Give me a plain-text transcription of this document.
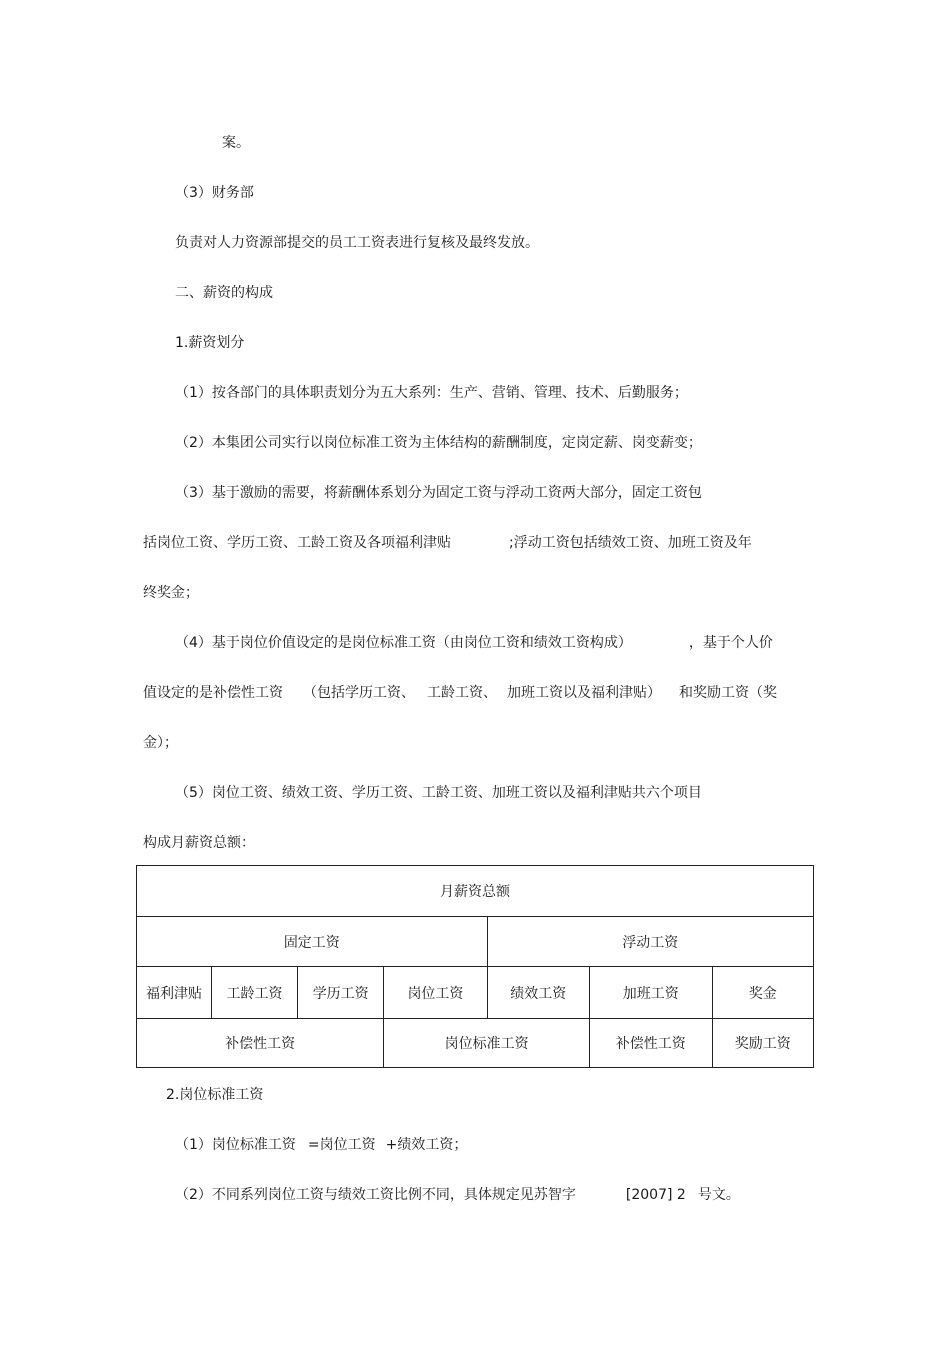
案。
（3）财务部
负责对人力资源部提交的员工工资表进行复核及最终发放。
二、薪资的构成
1.薪资划分
（1）按各部门的具体职责划分为五大系列：生产、营销、管理、技术、后勤服务；
（2）本集团公司实行以岗位标准工资为主体结构的薪酬制度，定岗定薪、岗变薪变；
（3）基于激励的需要，将薪酬体系划分为固定工资与浮动工资两大部分，固定工资包
括岗位工资、学历工资、工龄工资及各项福利津贴	;浮动工资包括绩效工资、加班工资及年
终奖金；
（4）基于岗位价值设定的是岗位标准工资（由岗位工资和绩效工资构成）	，基于个人价
值设定的是补偿性工资 （包括学历工资、 工龄工资、 加班工资以及福利津贴） 和奖励工资（奖
金）；
（5）岗位工资、绩效工资、学历工资、工龄工资、加班工资以及福利津贴共六个项目
构成月薪资总额：
月薪资总额						
固定工资				浮动工资		
福利津贴	工龄工资	学历工资	岗位工资	绩效工资	加班工资	奖金
补偿性工资			岗位标准工资		补偿性工资	奖励工资
2.岗位标准工资
（1）岗位标准工资 =岗位工资 +绩效工资；
（2）不同系列岗位工资与绩效工资比例不同，具体规定见苏智字	[2007] 2 号文。
